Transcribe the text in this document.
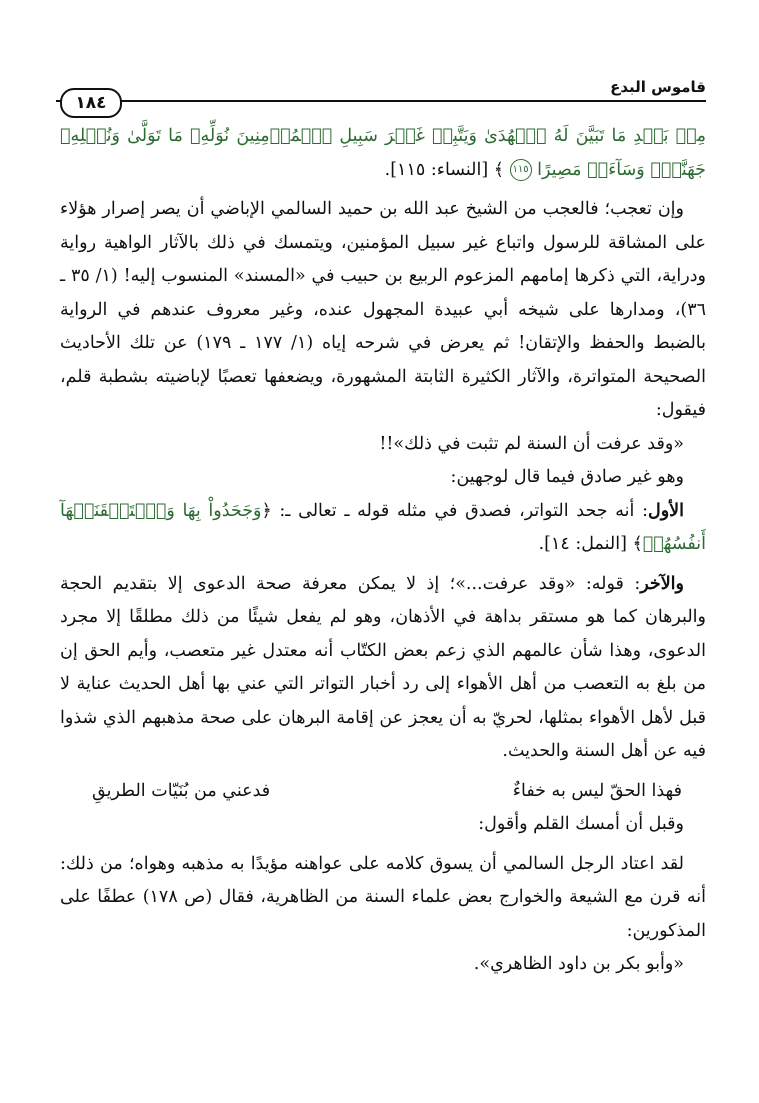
قاموس البدع
١٨٤

مِنۢ بَعۡدِ مَا تَبَيَّنَ لَهُ ٱلۡهُدَىٰ وَيَتَّبِعۡ غَيۡرَ سَبِيلِ ٱلۡمُؤۡمِنِينَ نُوَلِّهِۦ مَا تَوَلَّىٰ وَنُصۡلِهِۦ جَهَنَّمَۖ وَسَآءَتۡ مَصِيرًا ١١٥ ﴾ [النساء: ١١٥].

وإن تعجب؛ فالعجب من الشيخ عبد الله بن حميد السالمي الإباضي أن يصر إصرار هؤلاء على المشاقة للرسول واتباع غير سبيل المؤمنين، ويتمسك في ذلك بالآثار الواهية رواية ودراية، التي ذكرها إمامهم المزعوم الربيع بن حبيب في «المسند» المنسوب إليه! (١/ ٣٥ ـ ٣٦)، ومدارها على شيخه أبي عبيدة المجهول عنده، وغير معروف عندهم في الرواية بالضبط والحفظ والإتقان! ثم يعرض في شرحه إياه (١/ ١٧٧ ـ ١٧٩) عن تلك الأحاديث الصحيحة المتواترة، والآثار الكثيرة الثابتة المشهورة، ويضعفها تعصبًا لإباضيته بشطبة قلم، فيقول:

«وقد عرفت أن السنة لم تثبت في ذلك»!!

وهو غير صادق فيما قال لوجهين:

الأول: أنه جحد التواتر، فصدق في مثله قوله ـ تعالى ـ: ﴿وَجَحَدُواْ بِهَا وَٱسۡتَيۡقَنَتۡهَآ أَنفُسُهُمۡ﴾ [النمل: ١٤].

والآخر: قوله: «وقد عرفت...»؛ إذ لا يمكن معرفة صحة الدعوى إلا بتقديم الحجة والبرهان كما هو مستقر بداهة في الأذهان، وهو لم يفعل شيئًا من ذلك مطلقًا إلا مجرد الدعوى، وهذا شأن عالمهم الذي زعم بعض الكتّاب أنه معتدل غير متعصب، وأيم الحق إن من بلغ به التعصب من أهل الأهواء إلى رد أخبار التواتر التي عني بها أهل الحديث عناية لا قبل لأهل الأهواء بمثلها، لحريّ به أن يعجز عن إقامة البرهان على صحة مذهبهم الذي شذوا فيه عن أهل السنة والحديث.

فهذا الحقّ ليس به خفاءٌ
فدعني من بُنَيّات الطريقِ

وقبل أن أمسك القلم وأقول:

لقد اعتاد الرجل السالمي أن يسوق كلامه على عواهنه مؤيدًا به مذهبه وهواه؛ من ذلك: أنه قرن مع الشيعة والخوارج بعض علماء السنة من الظاهرية، فقال (ص ١٧٨) عطفًا على المذكورين:

«وأبو بكر بن داود الظاهري».
